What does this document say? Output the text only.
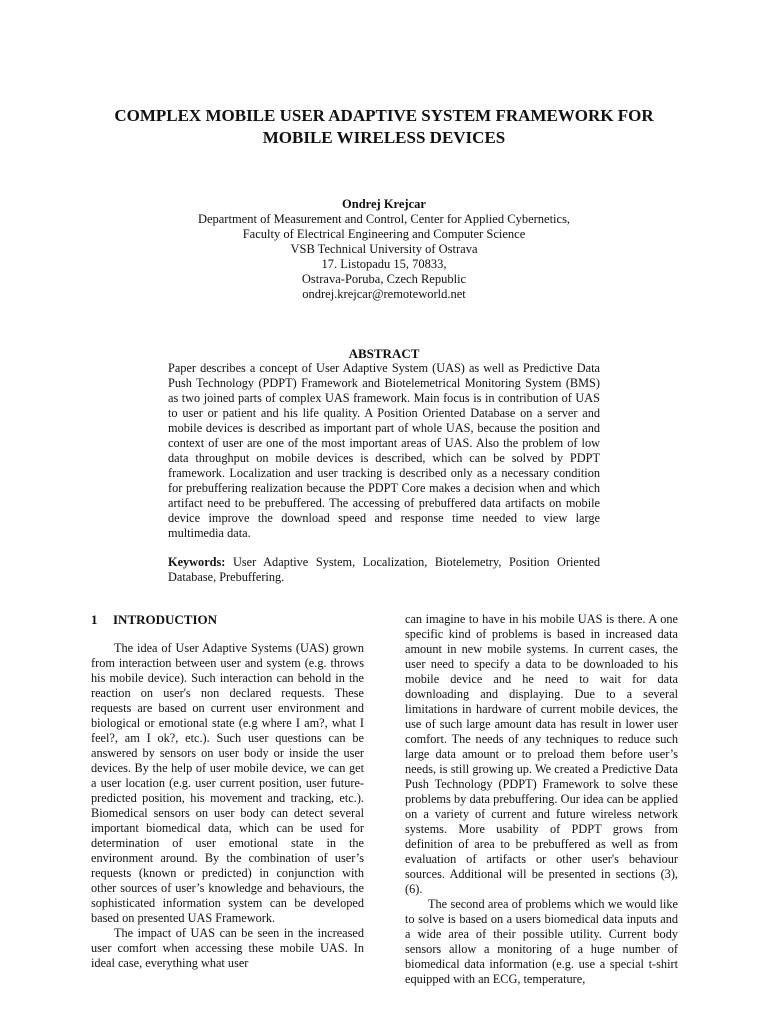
COMPLEX MOBILE USER ADAPTIVE SYSTEM FRAMEWORK FOR
MOBILE WIRELESS DEVICES
Ondrej Krejcar
Department of Measurement and Control, Center for Applied Cybernetics,
Faculty of Electrical Engineering and Computer Science
VSB Technical University of Ostrava
17. Listopadu 15, 70833,
Ostrava-Poruba, Czech Republic
ondrej.krejcar@remoteworld.net
ABSTRACT

Paper describes a concept of User Adaptive System (UAS) as well as Predictive Data Push Technology (PDPT) Framework and Biotelemetrical Monitoring System (BMS) as two joined parts of complex UAS framework. Main focus is in contribution of UAS to user or patient and his life quality. A Position Oriented Database on a server and mobile devices is described as important part of whole UAS, because the position and context of user are one of the most important areas of UAS. Also the problem of low data throughput on mobile devices is described, which can be solved by PDPT framework. Localization and user tracking is described only as a necessary condition for prebuffering realization because the PDPT Core makes a decision when and which artifact need to be prebuffered. The accessing of prebuffered data artifacts on mobile device improve the download speed and response time needed to view large multimedia data.

Keywords: User Adaptive System, Localization, Biotelemetry, Position Oriented Database, Prebuffering.

1	INTRODUCTION

The idea of User Adaptive Systems (UAS) grown from interaction between user and system (e.g. throws his mobile device). Such interaction can behold in the reaction on user's non declared requests. These requests are based on current user environment and biological or emotional state (e.g where I am?, what I feel?, am I ok?, etc.). Such user questions can be answered by sensors on user body or inside the user devices. By the help of user mobile device, we can get a user location (e.g. user current position, user future-predicted position, his movement and tracking, etc.). Biomedical sensors on user body can detect several important biomedical data, which can be used for determination of user emotional state in the environment around. By the combination of user’s requests (known or predicted) in conjunction with other sources of user’s knowledge and behaviours, the sophisticated information system can be developed based on presented UAS Framework.

The impact of UAS can be seen in the increased user comfort when accessing these mobile UAS. In ideal case, everything what user

can imagine to have in his mobile UAS is there. A one specific kind of problems is based in increased data amount in new mobile systems. In current cases, the user need to specify a data to be downloaded to his mobile device and he need to wait for data downloading and displaying. Due to a several limitations in hardware of current mobile devices, the use of such large amount data has result in lower user comfort. The needs of any techniques to reduce such large data amount or to preload them before user’s needs, is still growing up. We created a Predictive Data Push Technology (PDPT) Framework to solve these problems by data prebuffering. Our idea can be applied on a variety of current and future wireless network systems. More usability of PDPT grows from definition of area to be prebuffered as well as from evaluation of artifacts or other user's behaviour sources. Additional will be presented in sections (3), (6).

The second area of problems which we would like to solve is based on a users biomedical data inputs and a wide area of their possible utility. Current body sensors allow a monitoring of a huge number of biomedical data information (e.g. use a special t-shirt equipped with an ECG, temperature,
